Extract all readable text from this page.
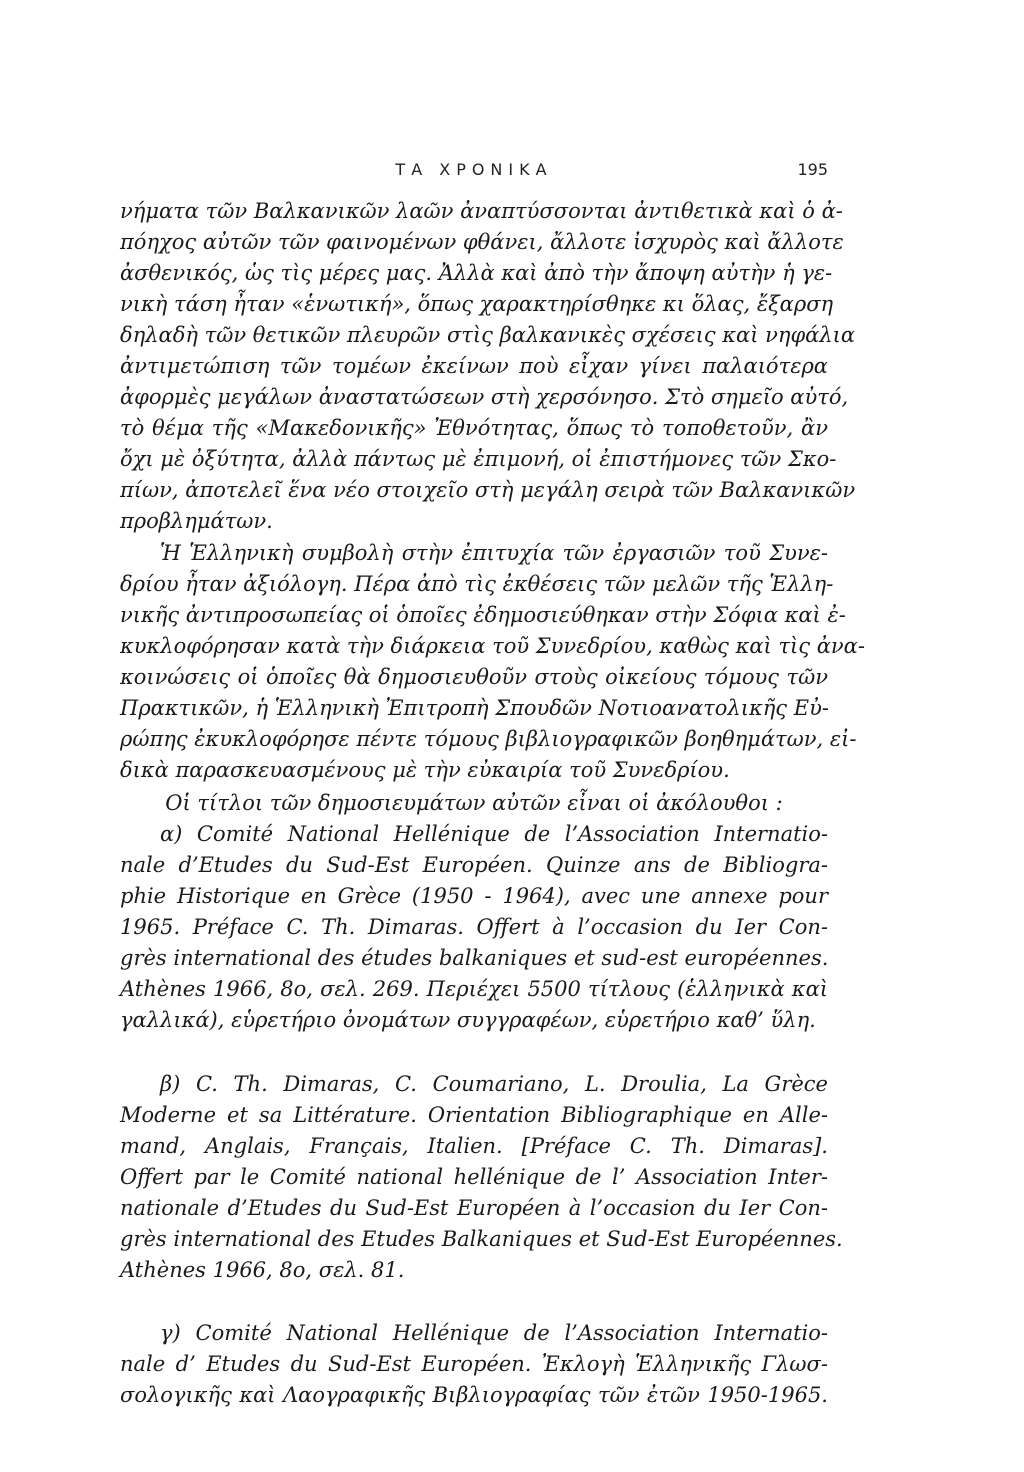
ΤΑ ΧΡΟΝΙΚΑ	195
νήματα τῶν Βαλκανικῶν λαῶν ἀναπτύσσονται ἀντιθετικὰ καὶ ὁ ἀ-
πόηχος αὐτῶν τῶν φαινομένων φθάνει, ἄλλοτε ἰσχυρὸς καὶ ἄλλοτε
ἀσθενικός, ὡς τὶς μέρες μας. Ἀλλὰ καὶ ἀπὸ τὴν ἄποψη αὐτὴν ἡ γε-
νικὴ τάση ἦταν «ἑνωτική», ὅπως χαρακτηρίσθηκε κι ὅλας, ἔξαρση
δηλαδὴ τῶν θετικῶν πλευρῶν στὶς βαλκανικὲς σχέσεις καὶ νηφάλια
ἀντιμετώπιση τῶν τομέων ἐκείνων ποὺ εἶχαν γίνει παλαιότερα
ἀφορμὲς μεγάλων ἀναστατώσεων στὴ χερσόνησο. Στὸ σημεῖο αὐτό,
τὸ θέμα τῆς «Μακεδονικῆς» Ἐθνότητας, ὅπως τὸ τοποθετοῦν, ἂν
ὄχι μὲ ὀξύτητα, ἀλλὰ πάντως μὲ ἐπιμονή, οἱ ἐπιστήμονες τῶν Σκο-
πίων, ἀποτελεῖ ἕνα νέο στοιχεῖο στὴ μεγάλη σειρὰ τῶν Βαλκανικῶν
προβλημάτων.
Ἡ Ἑλληνικὴ συμβολὴ στὴν ἐπιτυχία τῶν ἐργασιῶν τοῦ Συνε-
δρίου ἦταν ἀξιόλογη. Πέρα ἀπὸ τὶς ἐκθέσεις τῶν μελῶν τῆς Ἑλλη-
νικῆς ἀντιπροσωπείας οἱ ὁποῖες ἐδημοσιεύθηκαν στὴν Σόφια καὶ ἐ-
κυκλοφόρησαν κατὰ τὴν διάρκεια τοῦ Συνεδρίου, καθὼς καὶ τὶς ἀνα-
κοινώσεις οἱ ὁποῖες θὰ δημοσιευθοῦν στοὺς οἰκείους τόμους τῶν
Πρακτικῶν, ἡ Ἑλληνικὴ Ἐπιτροπὴ Σπουδῶν Νοτιοανατολικῆς Εὐ-
ρώπης ἐκυκλοφόρησε πέντε τόμους βιβλιογραφικῶν βοηθημάτων, εἰ-
δικὰ παρασκευασμένους μὲ τὴν εὐκαιρία τοῦ Συνεδρίου.
Οἱ τίτλοι τῶν δημοσιευμάτων αὐτῶν εἶναι οἱ ἀκόλουθοι :
α) Comité National Hellénique de l’Association Internatio-
nale d’Etudes du Sud-Est Européen. Quinze ans de Bibliogra-
phie Historique en Grèce (1950 - 1964), avec une annexe pour
1965. Préface C. Th. Dimaras. Offert à l’occasion du Ier Con-
grès international des études balkaniques et sud-est européennes.
Athènes 1966, 8o, σελ. 269. Περιέχει 5500 τίτλους (ἑλληνικὰ καὶ
γαλλικά), εὑρετήριο ὀνομάτων συγγραφέων, εὑρετήριο καθ’ ὕλη.
β) C. Th. Dimaras, C. Coumariano, L. Droulia, La Grèce
Moderne et sa Littérature. Orientation Bibliographique en Alle-
mand, Anglais, Français, Italien. [Préface C. Th. Dimaras].
Offert par le Comité national hellénique de l’ Association Inter-
nationale d’Etudes du Sud-Est Européen à l’occasion du Ier Con-
grès international des Etudes Balkaniques et Sud-Est Européennes.
Athènes 1966, 8o, σελ. 81.
γ) Comité National Hellénique de l’Association Internatio-
nale d’ Etudes du Sud-Est Européen. Ἐκλογὴ Ἑλληνικῆς Γλωσ-
σολογικῆς καὶ Λαογραφικῆς Βιβλιογραφίας τῶν ἐτῶν 1950-1965.
